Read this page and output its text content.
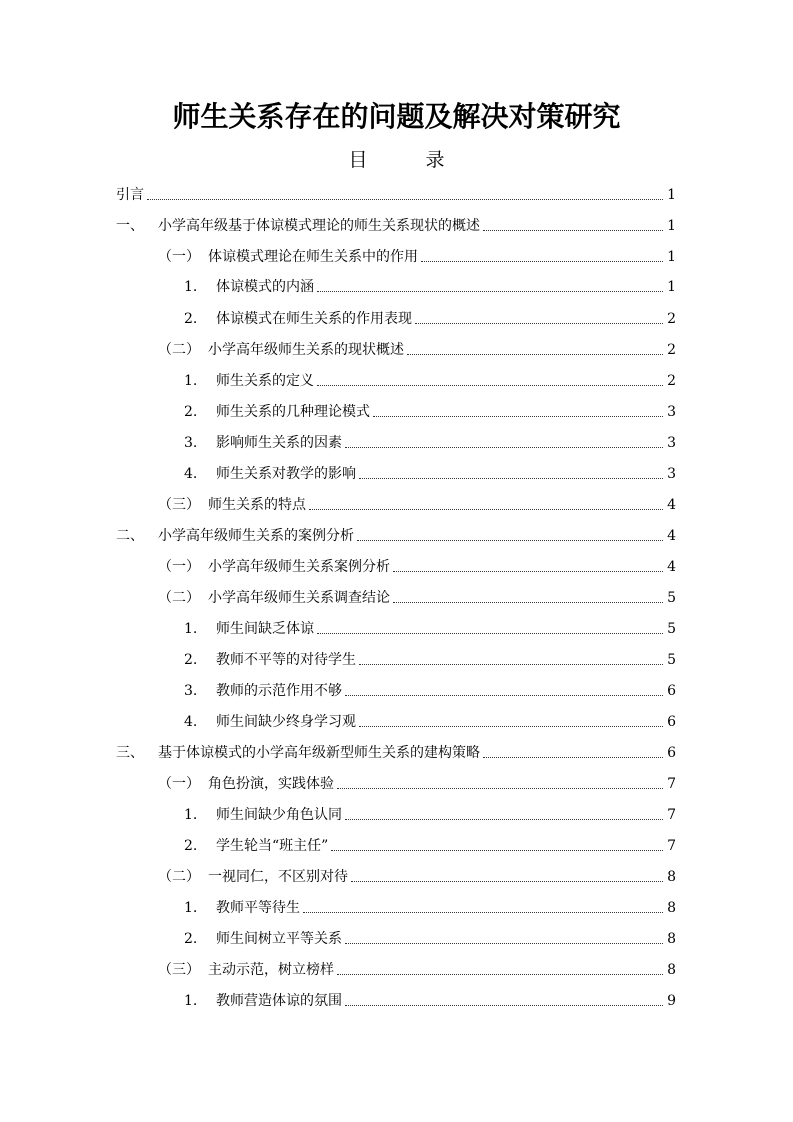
师生关系存在的问题及解决对策研究
目 录
引言	1
一、	小学高年级基于体谅模式理论的师生关系现状的概述	1
（一） 体谅模式理论在师生关系中的作用	1
1.	体谅模式的内涵	1
2.	体谅模式在师生关系的作用表现	2
（二） 小学高年级师生关系的现状概述	2
1.	师生关系的定义	2
2.	师生关系的几种理论模式	3
3.	影响师生关系的因素	3
4.	师生关系对教学的影响	3
（三） 师生关系的特点	4
二、	小学高年级师生关系的案例分析	4
（一） 小学高年级师生关系案例分析	4
（二） 小学高年级师生关系调查结论	5
1.	师生间缺乏体谅	5
2.	教师不平等的对待学生	5
3.	教师的示范作用不够	6
4.	师生间缺少终身学习观	6
三、	基于体谅模式的小学高年级新型师生关系的建构策略	6
（一） 角色扮演，实践体验	7
1.	师生间缺少角色认同	7
2.	学生轮当“班主任”	7
（二） 一视同仁，不区别对待	8
1.	教师平等待生	8
2.	师生间树立平等关系	8
（三） 主动示范，树立榜样	8
1.	教师营造体谅的氛围	9
